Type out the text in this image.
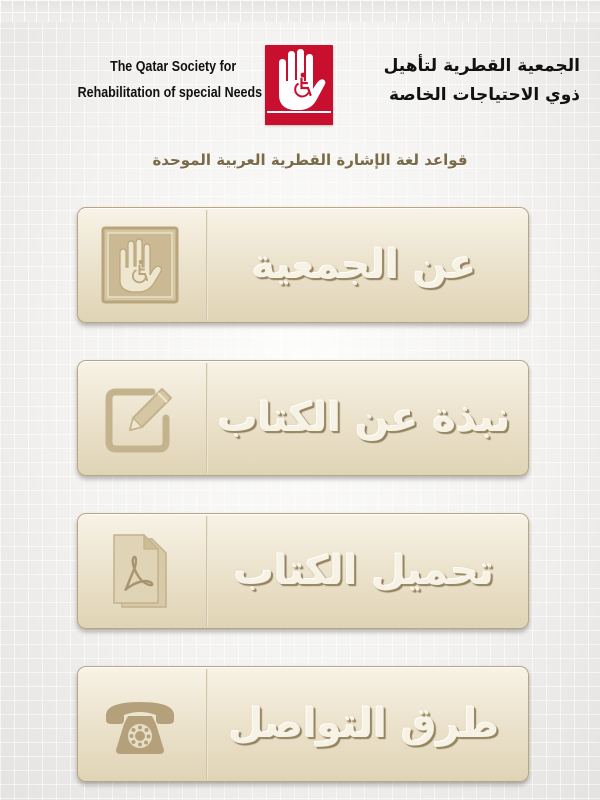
The Qatar Society for
Rehabilitation of special Needs
الجمعية القطرية لتأهيل
ذوي الاحتياجات الخاصة
قواعد لغة الإشارة القطرية العربية الموحدة
عن الجمعية
نبذة عن الكتاب
تحميل الكتاب
طرق التواصل
